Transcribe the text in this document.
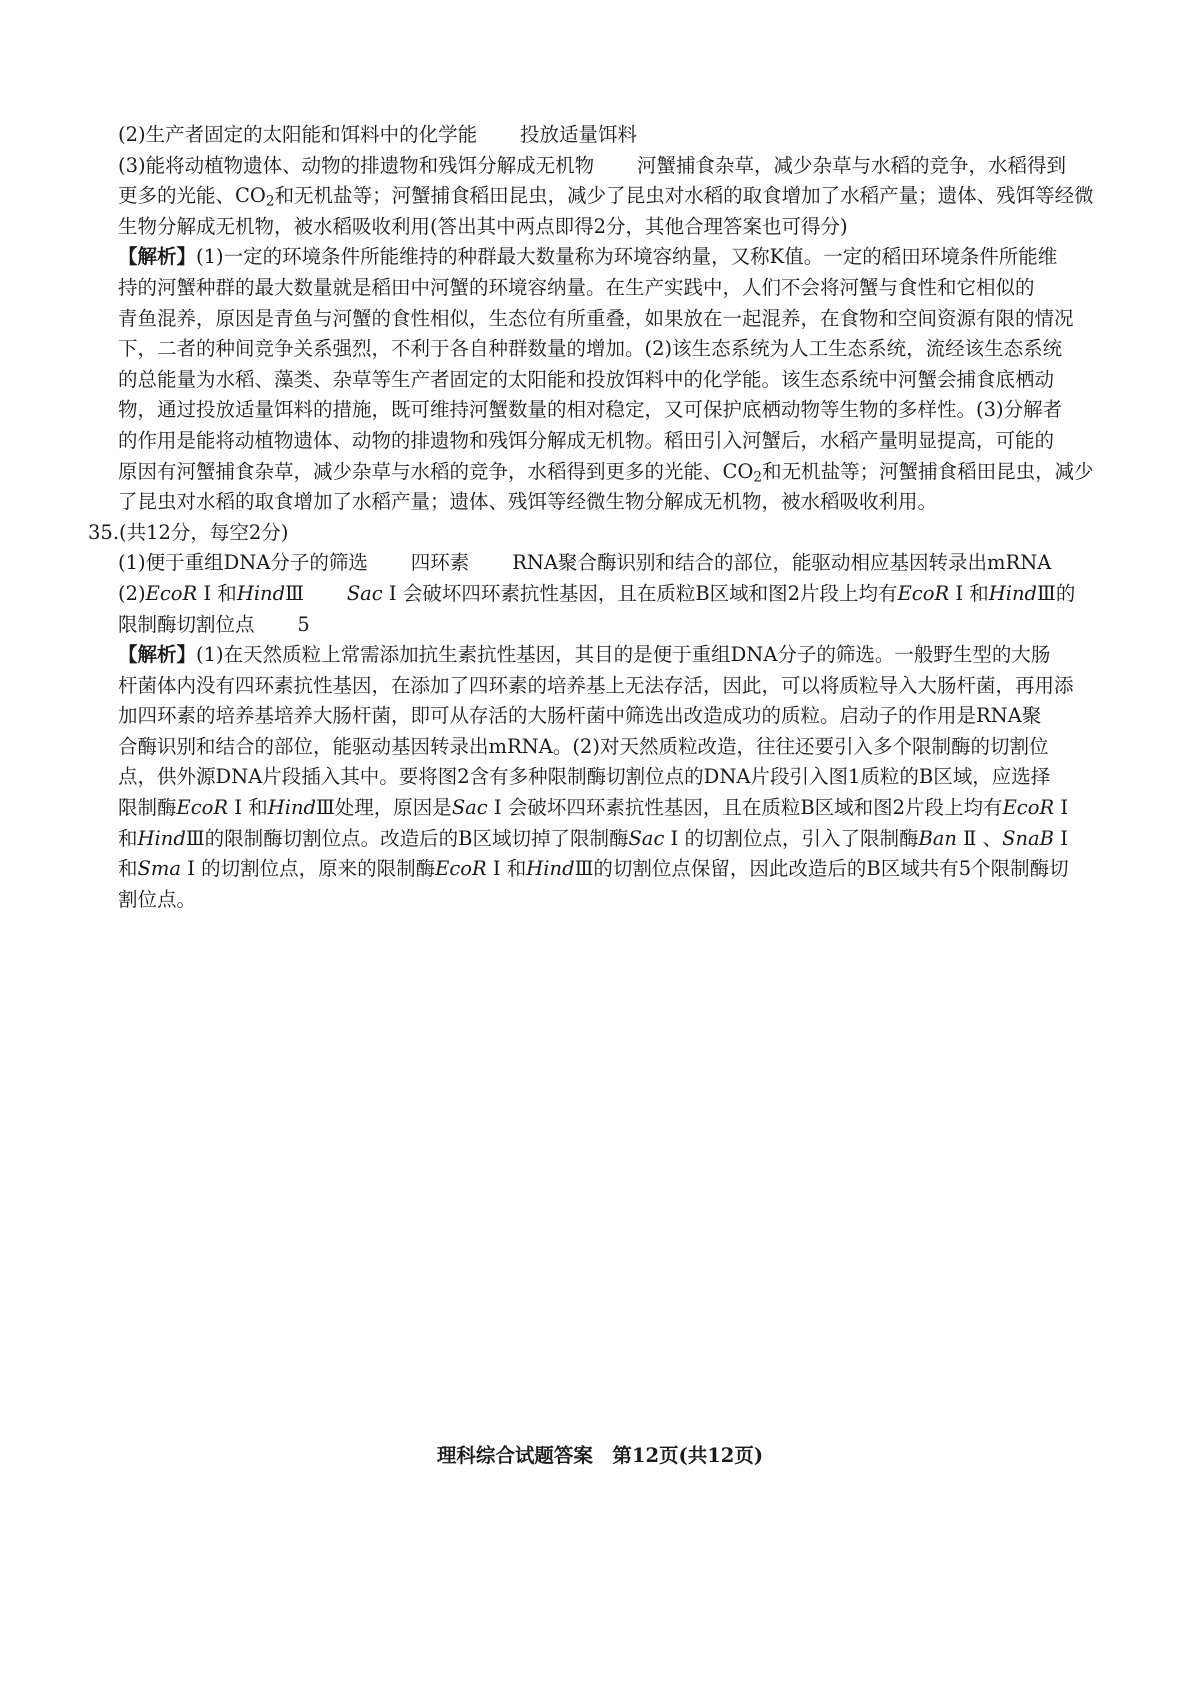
(2)生产者固定的太阳能和饵料中的化学能 投放适量饵料
(3)能将动植物遗体、动物的排遗物和残饵分解成无机物 河蟹捕食杂草，减少杂草与水稻的竞争，水稻得到
更多的光能、$CO_2$和无机盐等；河蟹捕食稻田昆虫，减少了昆虫对水稻的取食增加了水稻产量；遗体、残饵等经微
生物分解成无机物，被水稻吸收利用(答出其中两点即得2分，其他合理答案也可得分)
【解析】(1)一定的环境条件所能维持的种群最大数量称为环境容纳量，又称K值。一定的稻田环境条件所能维
持的河蟹种群的最大数量就是稻田中河蟹的环境容纳量。在生产实践中，人们不会将河蟹与食性和它相似的
青鱼混养，原因是青鱼与河蟹的食性相似，生态位有所重叠，如果放在一起混养，在食物和空间资源有限的情况
下，二者的种间竞争关系强烈，不利于各自种群数量的增加。(2)该生态系统为人工生态系统，流经该生态系统
的总能量为水稻、藻类、杂草等生产者固定的太阳能和投放饵料中的化学能。该生态系统中河蟹会捕食底栖动
物，通过投放适量饵料的措施，既可维持河蟹数量的相对稳定，又可保护底栖动物等生物的多样性。(3)分解者
的作用是能将动植物遗体、动物的排遗物和残饵分解成无机物。稻田引入河蟹后，水稻产量明显提高，可能的
原因有河蟹捕食杂草，减少杂草与水稻的竞争，水稻得到更多的光能、$CO_2$和无机盐等；河蟹捕食稻田昆虫，减少
了昆虫对水稻的取食增加了水稻产量；遗体、残饵等经微生物分解成无机物，被水稻吸收利用。
35.(共12分，每空2分)
(1)便于重组DNA分子的筛选 四环素 RNA聚合酶识别和结合的部位，能驱动相应基因转录出mRNA
(2)EcoR Ⅰ 和HindⅢ Sac Ⅰ 会破坏四环素抗性基因，且在质粒B区域和图2片段上均有EcoR Ⅰ 和HindⅢ的
限制酶切割位点 5
【解析】(1)在天然质粒上常需添加抗生素抗性基因，其目的是便于重组DNA分子的筛选。一般野生型的大肠
杆菌体内没有四环素抗性基因，在添加了四环素的培养基上无法存活，因此，可以将质粒导入大肠杆菌，再用添
加四环素的培养基培养大肠杆菌，即可从存活的大肠杆菌中筛选出改造成功的质粒。启动子的作用是RNA聚
合酶识别和结合的部位，能驱动基因转录出mRNA。(2)对天然质粒改造，往往还要引入多个限制酶的切割位
点，供外源DNA片段插入其中。要将图2含有多种限制酶切割位点的DNA片段引入图1质粒的B区域，应选择
限制酶EcoR Ⅰ 和HindⅢ处理，原因是Sac Ⅰ 会破坏四环素抗性基因，且在质粒B区域和图2片段上均有EcoR Ⅰ
和HindⅢ的限制酶切割位点。改造后的B区域切掉了限制酶Sac Ⅰ 的切割位点，引入了限制酶Ban Ⅱ 、SnaB Ⅰ
和Sma Ⅰ 的切割位点，原来的限制酶EcoR Ⅰ 和HindⅢ的切割位点保留，因此改造后的B区域共有5个限制酶切
割位点。
理科综合试题答案　第12页(共12页)
